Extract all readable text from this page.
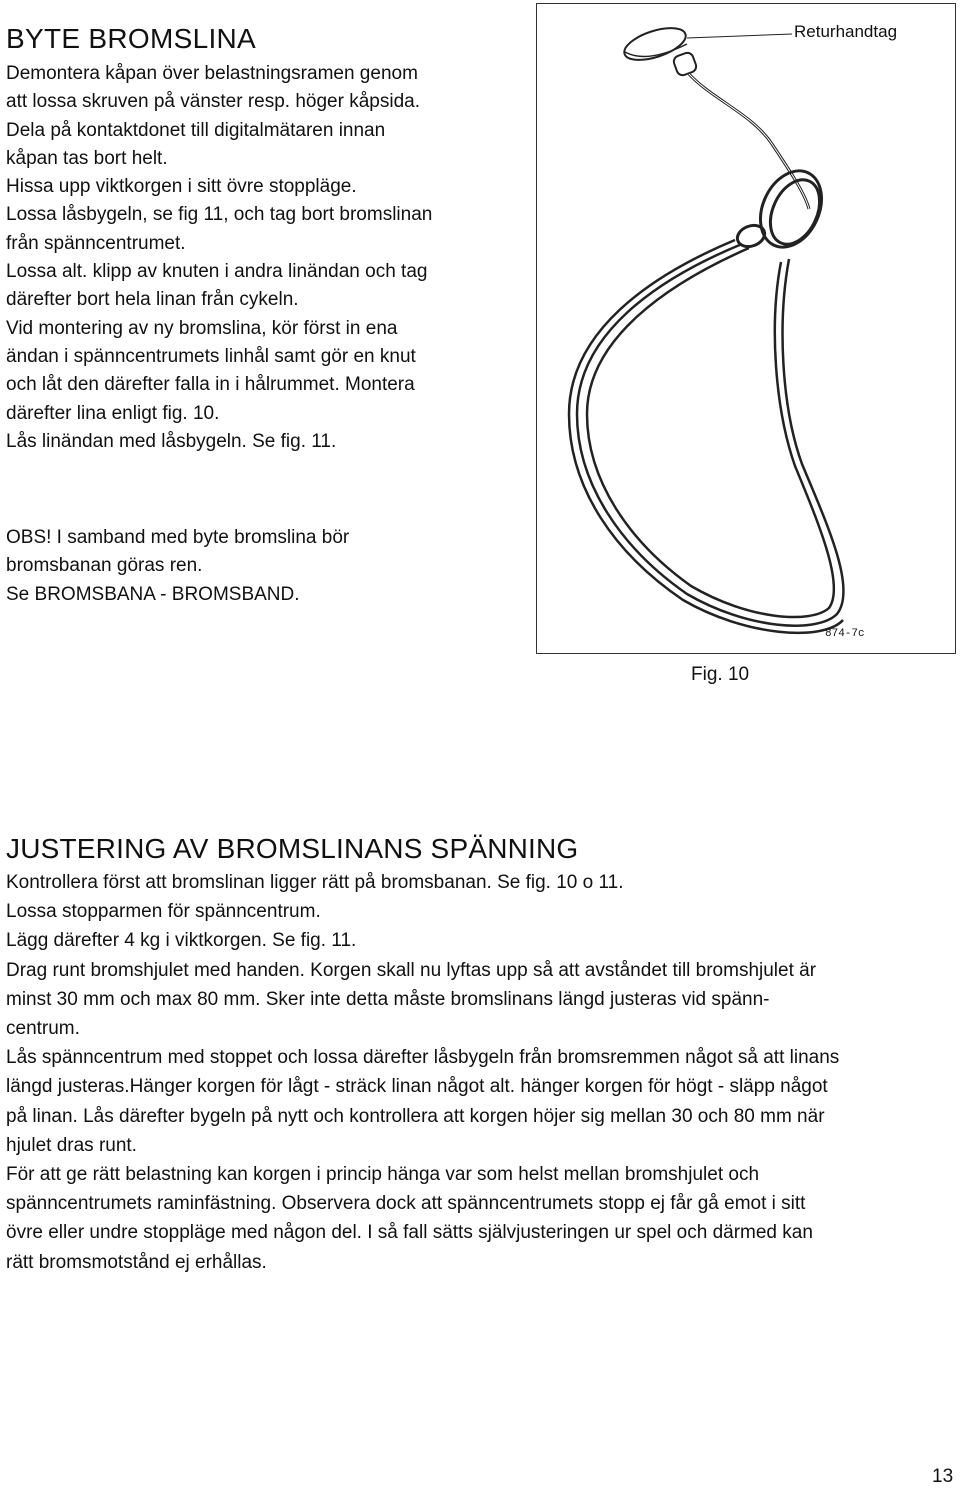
BYTE BROMSLINA

Demontera kåpan över belastningsramen genom

att lossa skruven på vänster resp. höger kåpsida.

Dela på kontaktdonet till digitalmätaren innan

kåpan tas bort helt.

Hissa upp viktkorgen i sitt övre stoppläge.

Lossa låsbygeln, se fig 11, och tag bort bromslinan

från spänncentrumet.

Lossa alt. klipp av knuten i andra linändan och tag

därefter bort hela linan från cykeln.

Vid montering av ny bromslina, kör först in ena

ändan i spänncentrumets linhål samt gör en knut

och låt den därefter falla in i hålrummet. Montera

därefter lina enligt fig. 10.

Lås linändan med låsbygeln. Se fig. 11.

OBS! I samband med byte bromslina bör

bromsbanan göras ren.

Se BROMSBANA - BROMSBAND.

Returhandtag
874-7c
Fig. 10
JUSTERING AV BROMSLINANS SPÄNNING

Kontrollera först att bromslinan ligger rätt på bromsbanan. Se fig. 10 o 11.

Lossa stopparmen för spänncentrum.

Lägg därefter 4 kg i viktkorgen. Se fig. 11.

Drag runt bromshjulet med handen. Korgen skall nu lyftas upp så att avståndet till bromshjulet är

minst 30 mm och max 80 mm. Sker inte detta måste bromslinans längd justeras vid spänn-

centrum.

Lås spänncentrum med stoppet och lossa därefter låsbygeln från bromsremmen något så att linans

längd justeras.Hänger korgen för lågt - sträck linan något alt. hänger korgen för högt - släpp något

på linan. Lås därefter bygeln på nytt och kontrollera att korgen höjer sig mellan 30 och 80 mm när

hjulet dras runt.

För att ge rätt belastning kan korgen i princip hänga var som helst mellan bromshjulet och

spänncentrumets raminfästning. Observera dock att spänncentrumets stopp ej får gå emot i sitt

övre eller undre stoppläge med någon del. I så fall sätts självjusteringen ur spel och därmed kan

rätt bromsmotstånd ej erhållas.

13
